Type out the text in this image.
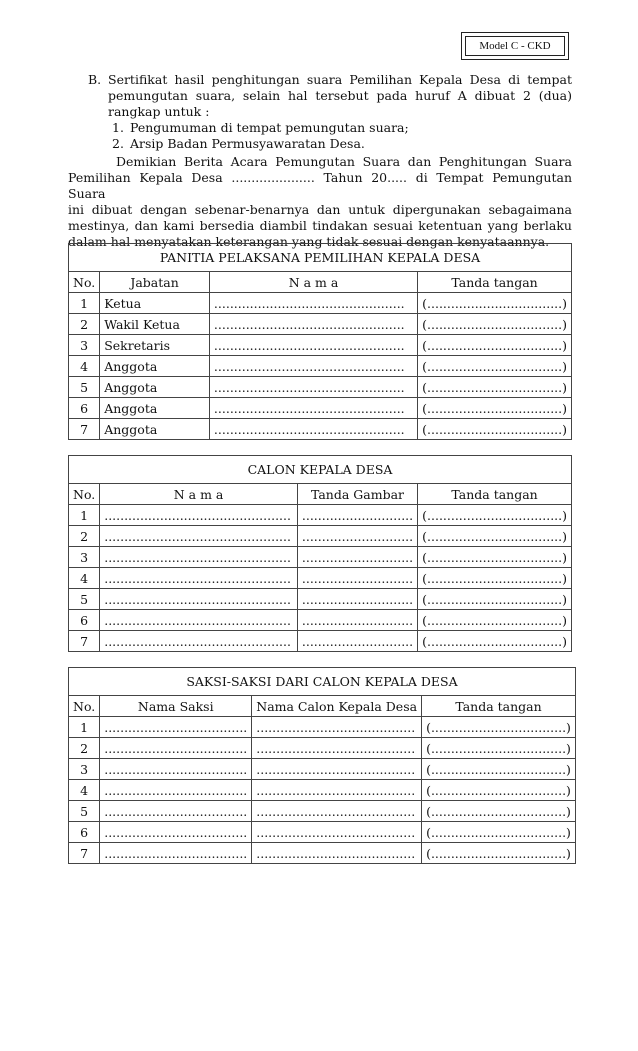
Model C - CKD
B. Sertifikat hasil penghitungan suara Pemilihan Kepala Desa di tempat
pemungutan suara, selain hal tersebut pada huruf A dibuat 2 (dua)
rangkap untuk :
1. Pengumuman di tempat pemungutan suara;
2. Arsip Badan Permusyawaratan Desa.
Demikian Berita Acara Pemungutan Suara dan Penghitungan Suara
Pemilihan Kepala Desa ..................... Tahun 20..... di Tempat Pemungutan Suara
ini dibuat dengan sebenar-benarnya dan untuk dipergunakan sebagaimana
mestinya, dan kami bersedia diambil tindakan sesuai ketentuan yang berlaku
dalam hal menyatakan keterangan yang tidak sesuai dengan kenyataannya.
PANITIA PELAKSANA PEMILIHAN KEPALA DESA			
No.	Jabatan	N a m a	Tanda tangan
1	Ketua	................................................	(..................................)
2	Wakil Ketua	................................................	(..................................)
3	Sekretaris	................................................	(..................................)
4	Anggota	................................................	(..................................)
5	Anggota	................................................	(..................................)
6	Anggota	................................................	(..................................)
7	Anggota	................................................	(..................................)
CALON KEPALA DESA			
No.	N a m a	Tanda Gambar	Tanda tangan
1	...............................................	............................	(..................................)
2	...............................................	............................	(..................................)
3	...............................................	............................	(..................................)
4	...............................................	............................	(..................................)
5	...............................................	............................	(..................................)
6	...............................................	............................	(..................................)
7	...............................................	............................	(..................................)
SAKSI-SAKSI DARI CALON KEPALA DESA			
No.	Nama Saksi	Nama Calon Kepala Desa	Tanda tangan
1	....................................	........................................	(..................................)
2	....................................	........................................	(..................................)
3	....................................	........................................	(..................................)
4	....................................	........................................	(..................................)
5	....................................	........................................	(..................................)
6	....................................	........................................	(..................................)
7	....................................	........................................	(..................................)
